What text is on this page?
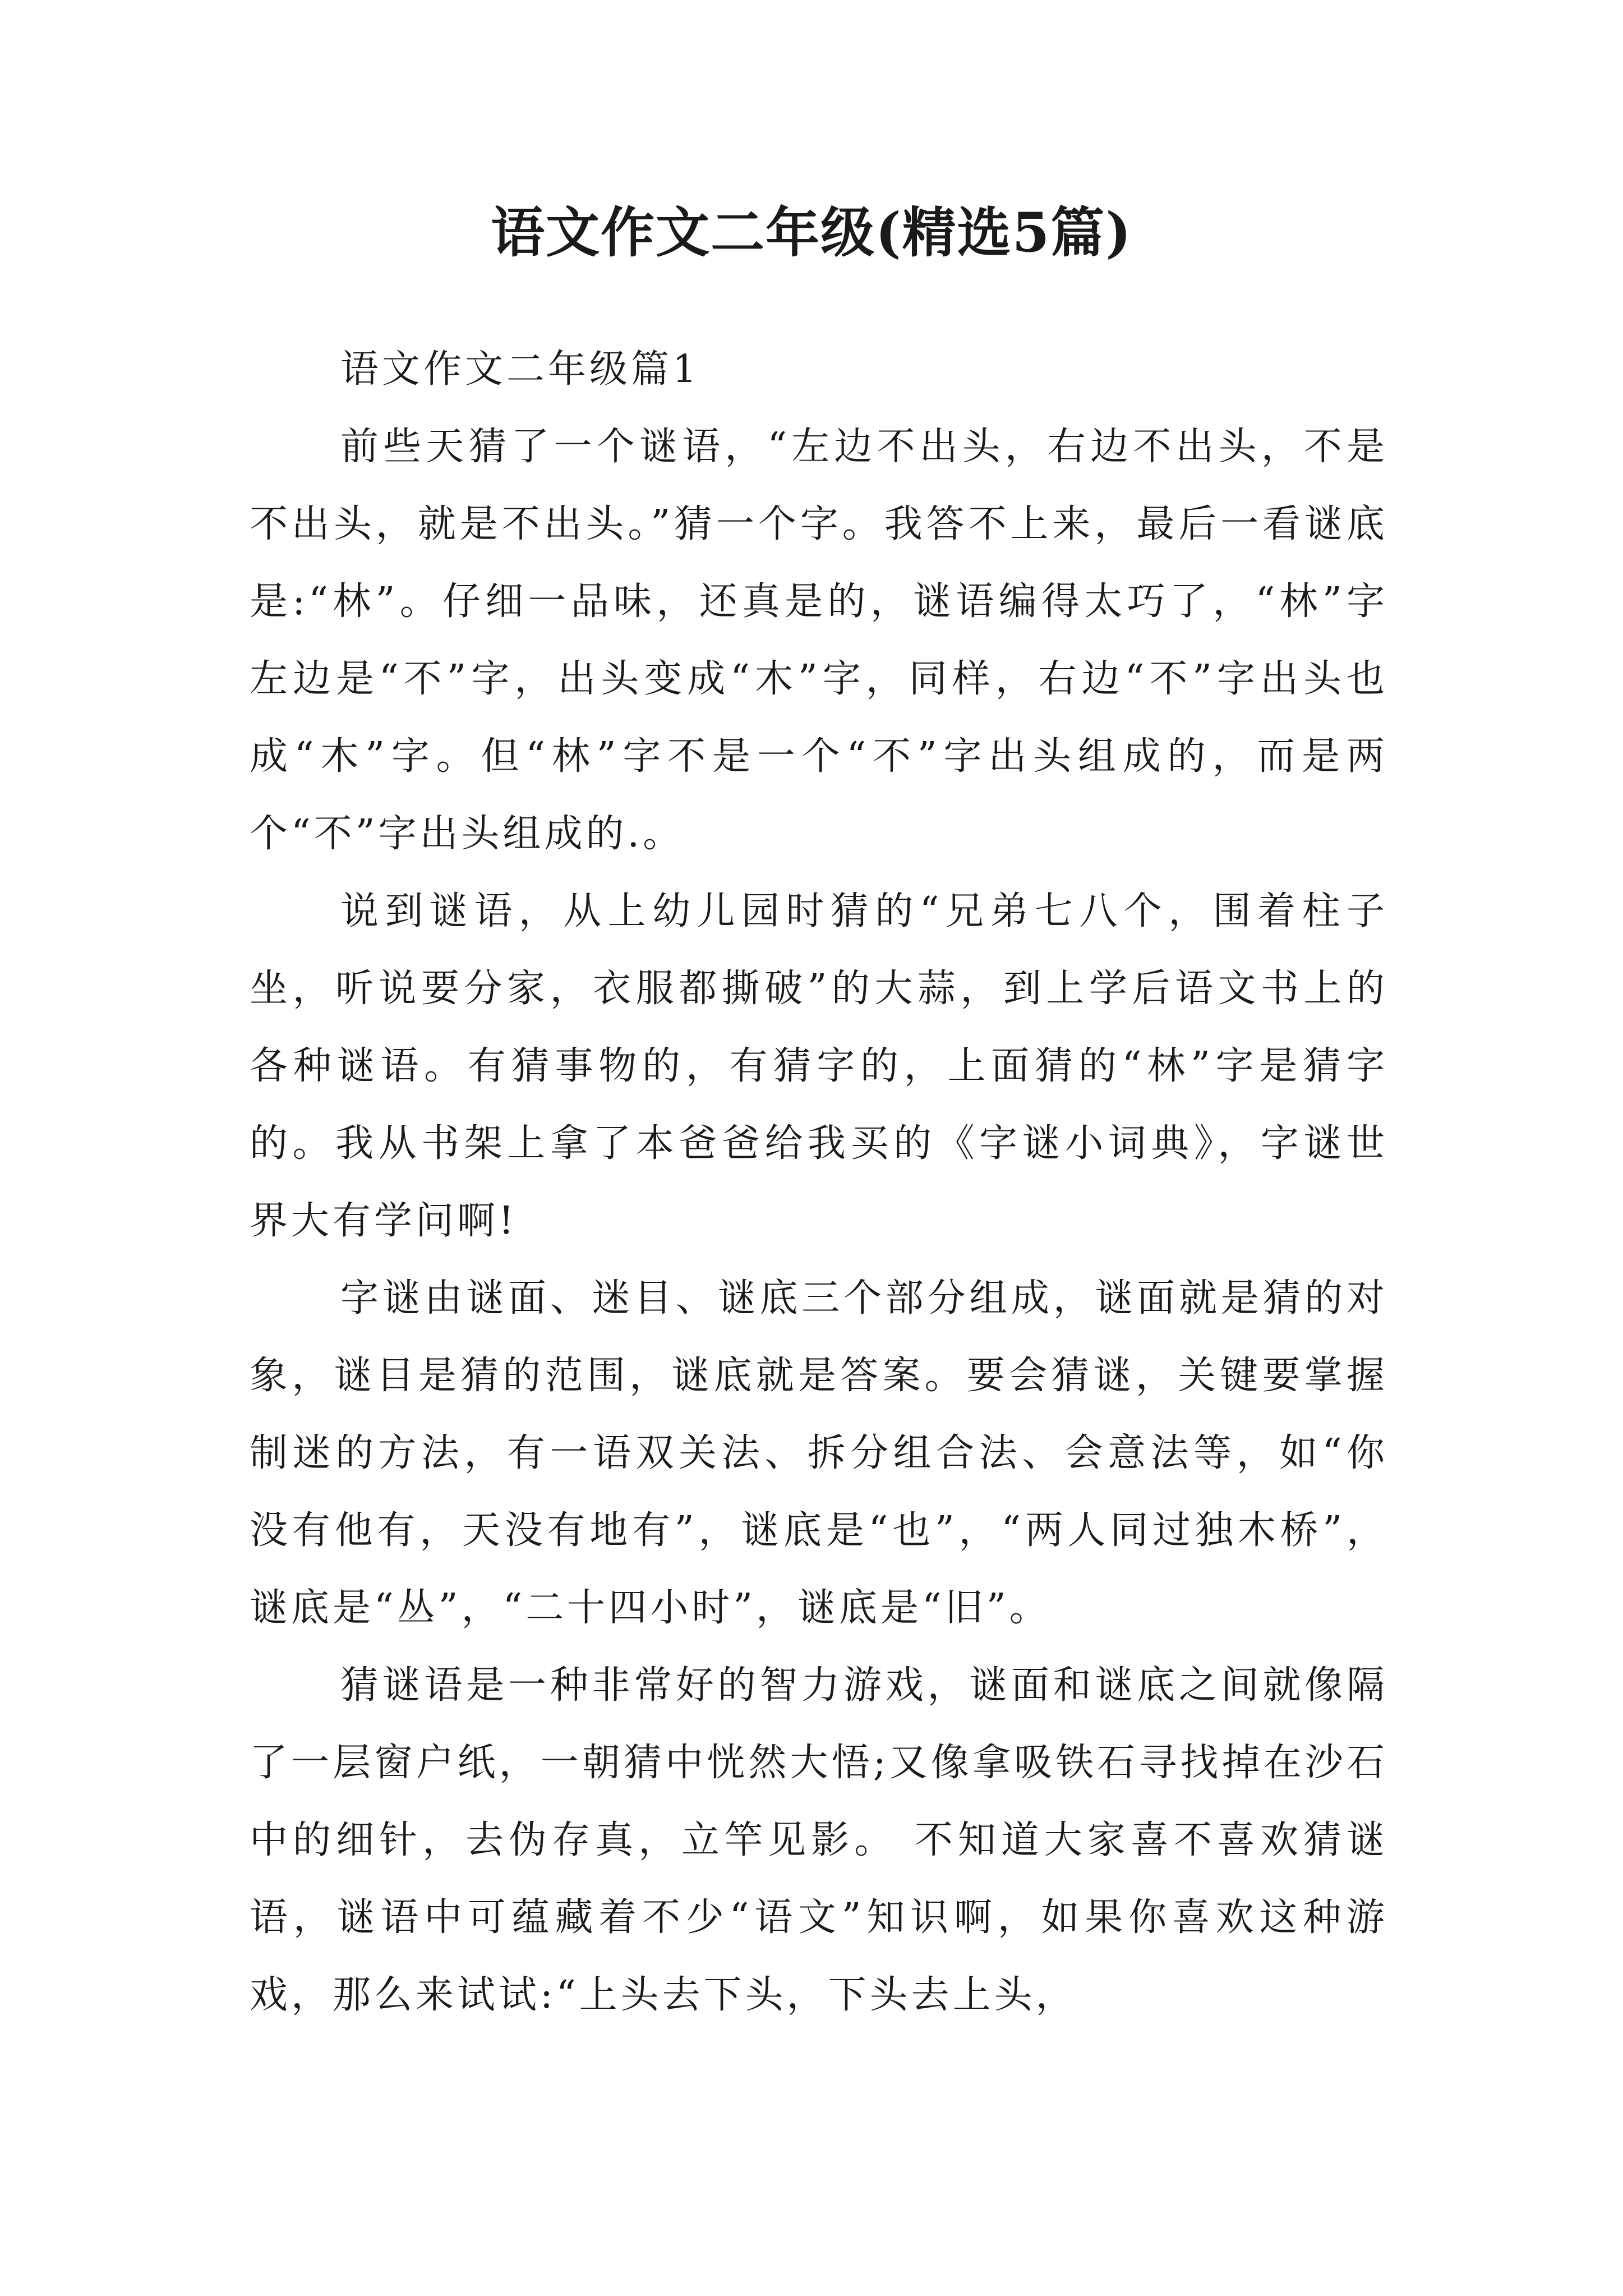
语文作文二年级(精选5篇)
语文作文二年级篇1

前些天猜了一个谜语，“左边不出头，右边不出头，不是不出头，就是不出头。”猜一个字。我答不上来，最后一看谜底是:“林”。仔细一品味，还真是的，谜语编得太巧了，“林”字左边是“不”字，出头变成“木”字，同样，右边“不”字出头也成“木”字。但“林”字不是一个“不”字出头组成的，而是两个“不”字出头组成的.。

说到谜语，从上幼儿园时猜的“兄弟七八个，围着柱子坐，听说要分家，衣服都撕破”的大蒜，到上学后语文书上的各种谜语。有猜事物的，有猜字的，上面猜的“林”字是猜字的。我从书架上拿了本爸爸给我买的《字谜小词典》，字谜世界大有学问啊!

字谜由谜面、迷目、谜底三个部分组成，谜面就是猜的对象，谜目是猜的范围，谜底就是答案。要会猜谜，关键要掌握制迷的方法，有一语双关法、拆分组合法、会意法等，如“你没有他有，天没有地有”，谜底是“也”，“两人同过独木桥”，谜底是“丛”，“二十四小时”，谜底是“旧”。

猜谜语是一种非常好的智力游戏，谜面和谜底之间就像隔了一层窗户纸，一朝猜中恍然大悟;又像拿吸铁石寻找掉在沙石中的细针，去伪存真，立竿见影。 不知道大家喜不喜欢猜谜语，谜语中可蕴藏着不少“语文”知识啊，如果你喜欢这种游戏，那么来试试:“上头去下头，下头去上头，
